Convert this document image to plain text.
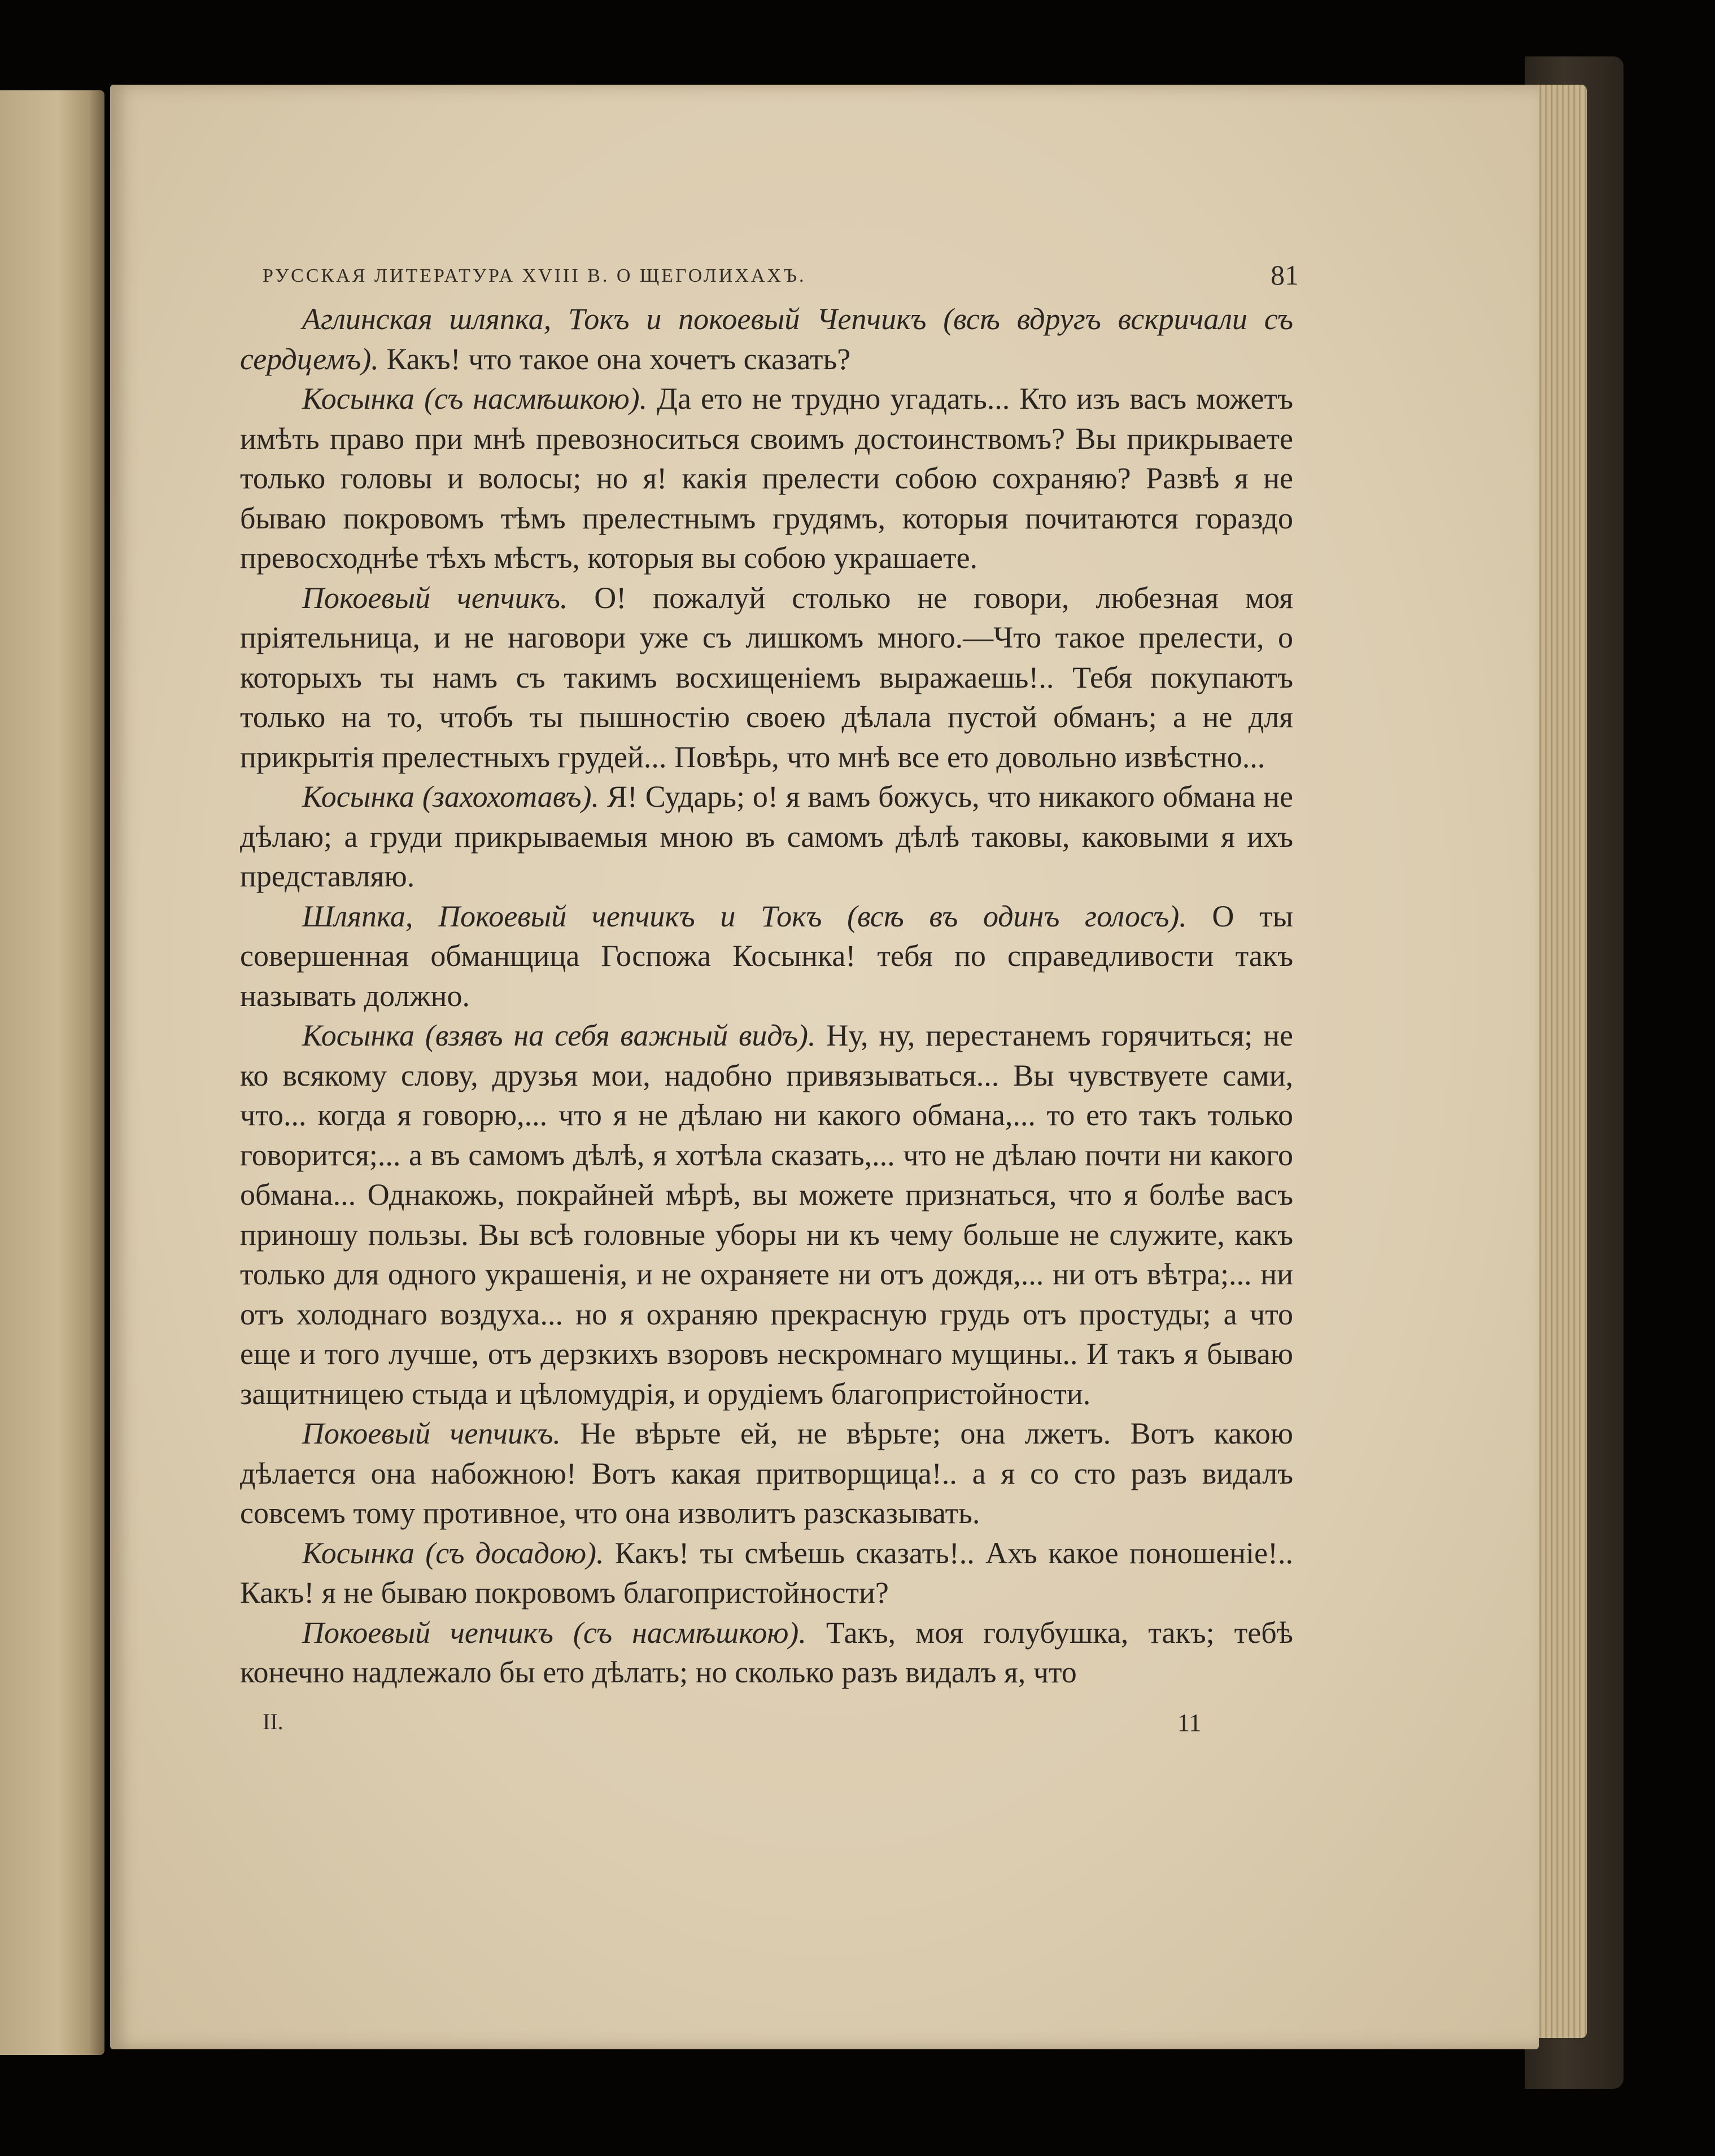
РУССКАЯ ЛИТЕРАТУРА XVIII В. О ЩЕГОЛИХАХЪ.	81

Аглинская шляпка, Токъ и покоевый Чепчикъ (всѣ вдругъ вскричали съ сердцемъ). Какъ! что такое она хочетъ сказать?

Косынка (съ насмѣшкою). Да ето не трудно угадать... Кто изъ васъ можетъ имѣть право при мнѣ превозноситься своимъ достоинствомъ? Вы прикрываете только головы и волосы; но я! какія прелести собою сохраняю? Развѣ я не бываю покровомъ тѣмъ прелестнымъ грудямъ, которыя почитаются гораздо превосходнѣе тѣхъ мѣстъ, которыя вы собою украшаете.

Покоевый чепчикъ. О! пожалуй столько не говори, любезная моя пріятельница, и не наговори уже съ лишкомъ много.—Что такое прелести, о которыхъ ты намъ съ такимъ восхищеніемъ выражаешь!.. Тебя покупаютъ только на то, чтобъ ты пышностію своею дѣлала пустой обманъ; а не для прикрытія прелестныхъ грудей... Повѣрь, что мнѣ все ето довольно извѣстно...

Косынка (захохотавъ). Я! Сударь; о! я вамъ божусь, что никакого обмана не дѣлаю; а груди прикрываемыя мною въ самомъ дѣлѣ таковы, каковыми я ихъ представляю.

Шляпка, Покоевый чепчикъ и Токъ (всѣ въ одинъ голосъ). О ты совершенная обманщица Госпожа Косынка! тебя по справедливости такъ называть должно.

Косынка (взявъ на себя важный видъ). Ну, ну, перестанемъ горячиться; не ко всякому слову, друзья мои, надобно привязываться... Вы чувствуете сами, что... когда я говорю,... что я не дѣлаю ни какого обмана,... то ето такъ только говорится;... а въ самомъ дѣлѣ, я хотѣла сказать,... что не дѣлаю почти ни какого обмана... Однакожь, покрайней мѣрѣ, вы можете признаться, что я болѣе васъ приношу пользы. Вы всѣ головные уборы ни къ чему больше не служите, какъ только для одного украшенія, и не охраняете ни отъ дождя,... ни отъ вѣтра;... ни отъ холоднаго воздуха... но я охраняю прекрасную грудь отъ простуды; а что еще и того лучше, отъ дерзкихъ взоровъ нескромнаго мущины.. И такъ я бываю защитницею стыда и цѣломудрія, и орудіемъ благопристойности.

Покоевый чепчикъ. Не вѣрьте ей, не вѣрьте; она лжетъ. Вотъ какою дѣлается она набожною! Вотъ какая притворщица!.. а я со сто разъ видалъ совсемъ тому противное, что она изволитъ разсказывать.

Косынка (съ досадою). Какъ! ты смѣешь сказать!.. Ахъ какое поношеніе!.. Какъ! я не бываю покровомъ благопристойности?

Покоевый чепчикъ (съ насмѣшкою). Такъ, моя голубушка, такъ; тебѣ конечно надлежало бы ето дѣлать; но сколько разъ видалъ я, что

II.	11
